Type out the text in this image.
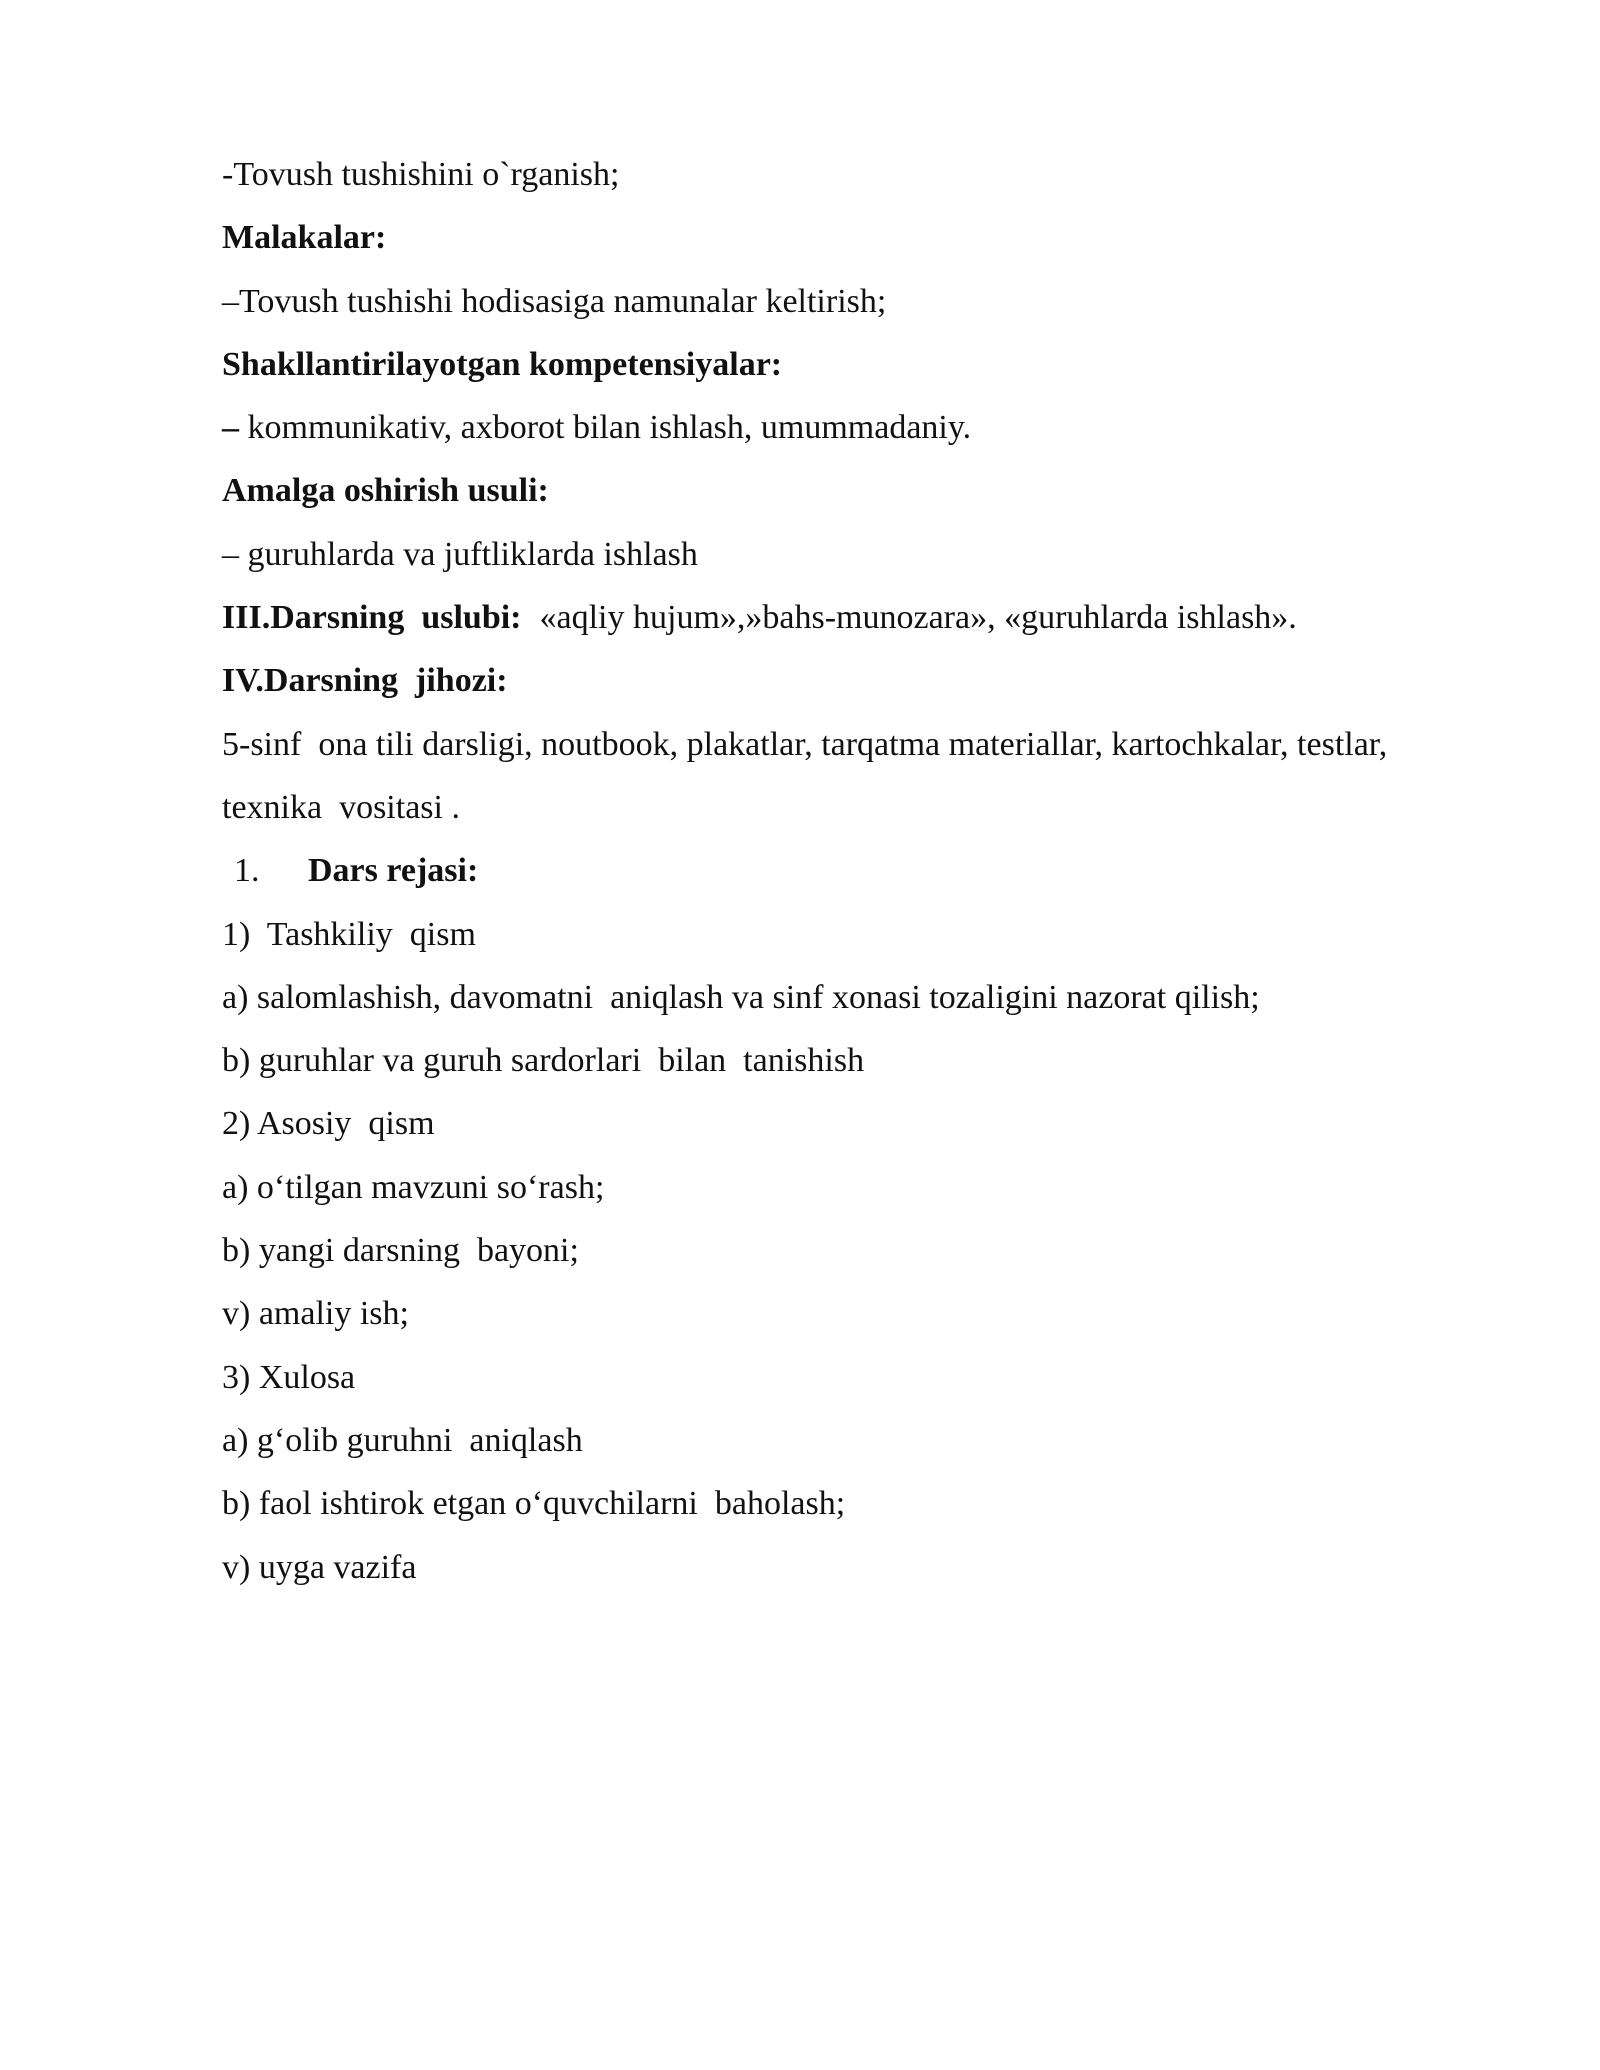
-Tovush tushishini o`rganish;
Malakalar:
–Tovush tushishi hodisasiga namunalar keltirish;
Shakllantirilayotgan kompetensiyalar:
– kommunikativ, axborot bilan ishlash, umummadaniy.
Amalga oshirish usuli:
– guruhlarda va juftliklarda ishlash
III.Darsning  uslubi: «aqliy hujum»,»bahs-munozara», «guruhlarda ishlash».
IV.Darsning  jihozi:
5-sinf  ona tili darsligi, noutbook, plakatlar, tarqatma materiallar, kartochkalar, testlar,
texnika  vositasi .
1. Dars rejasi:
1)  Tashkiliy  qism
a) salomlashish, davomatni  aniqlash va sinf xonasi tozaligini nazorat qilish;
b) guruhlar va guruh sardorlari  bilan  tanishish
2) Asosiy  qism
a) o‘tilgan mavzuni so‘rash;
b) yangi darsning  bayoni;
v) amaliy ish;
3) Xulosa
a) g‘olib guruhni  aniqlash
b) faol ishtirok etgan o‘quvchilarni  baholash;
v) uyga vazifa
